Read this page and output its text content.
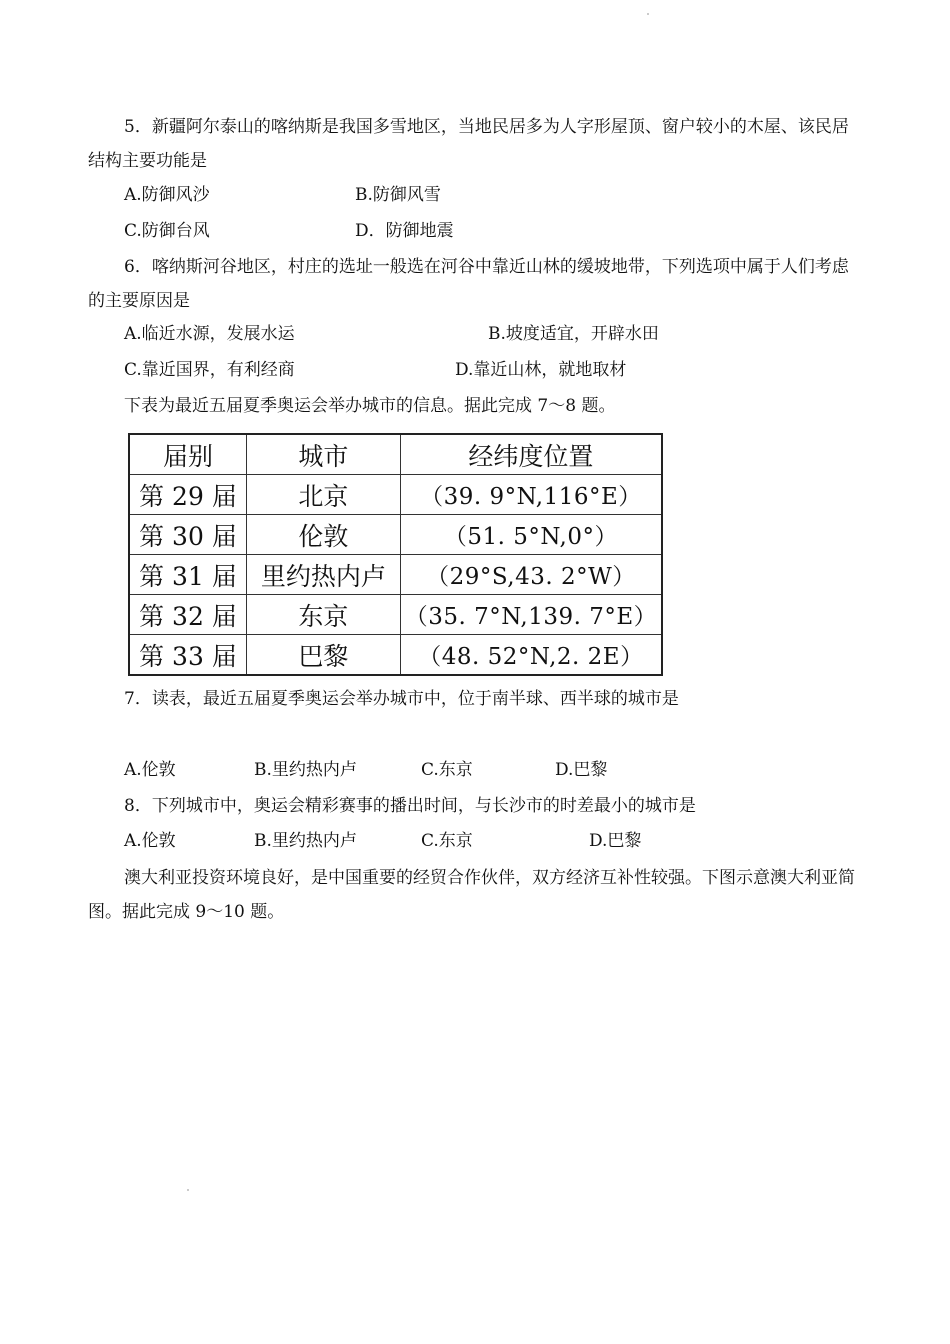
5．新疆阿尔泰山的喀纳斯是我国多雪地区，当地民居多为人字形屋顶、窗户较小的木屋、该民居结构主要功能是

A.防御风沙	B.防御风雪
C.防御台风	D．防御地震

6．喀纳斯河谷地区，村庄的选址一般选在河谷中靠近山林的缓坡地带，下列选项中属于人们考虑的主要原因是

A.临近水源，发展水运	B.坡度适宜，开辟水田
C.靠近国界，有利经商	D.靠近山林，就地取材
下表为最近五届夏季奥运会举办城市的信息。据此完成 7～8 题。
届别	城市	经纬度位置
第 29 届	北京	（39. 9°N,116°E）
第 30 届	伦敦	（51. 5°N,0°）
第 31 届	里约热内卢	（29°S,43. 2°W）
第 32 届	东京	（35. 7°N,139. 7°E）
第 33 届	巴黎	（48. 52°N,2. 2E）
7．读表，最近五届夏季奥运会举办城市中，位于南半球、西半球的城市是
A.伦敦	B.里约热内卢	C.东京	D.巴黎
8．下列城市中，奥运会精彩赛事的播出时间，与长沙市的时差最小的城市是
A.伦敦	B.里约热内卢	C.东京	D.巴黎

澳大利亚投资环境良好，是中国重要的经贸合作伙伴，双方经济互补性较强。下图示意澳大利亚简图。据此完成 9～10 题。
